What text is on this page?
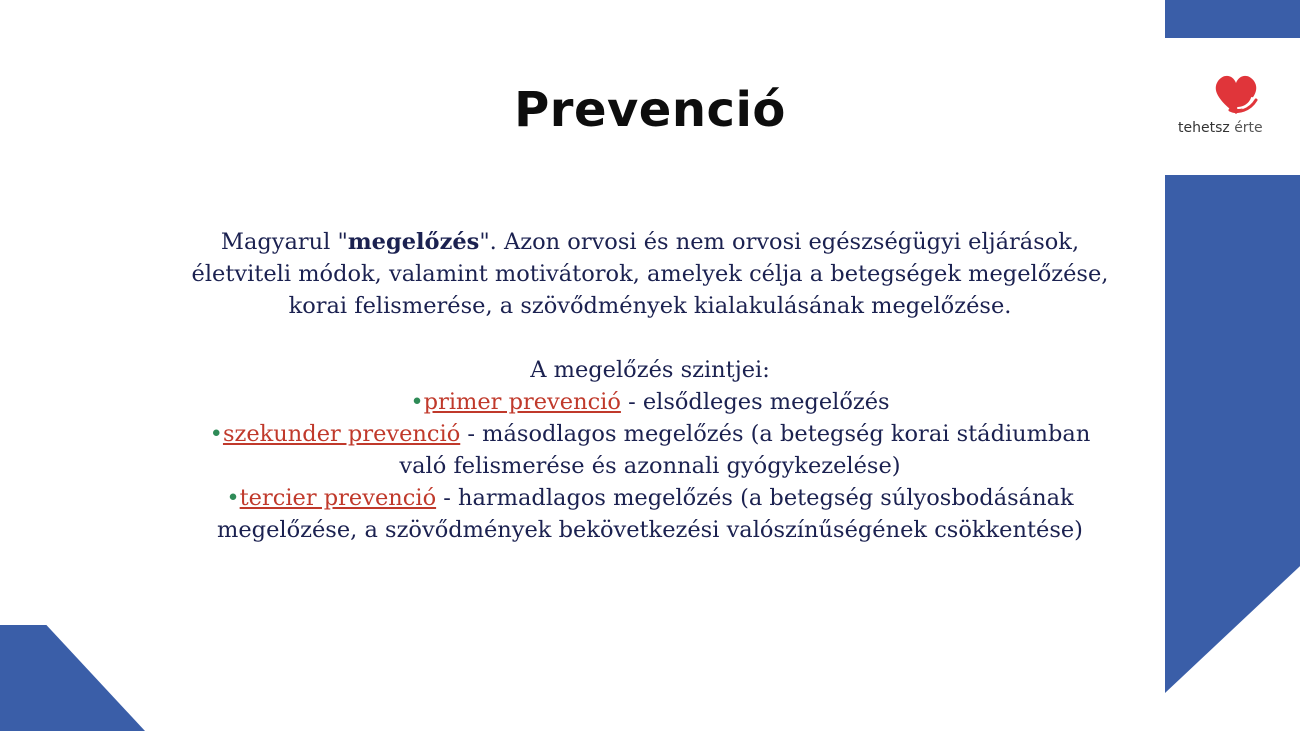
tehetsz érte
Prevenció

Magyarul "megelőzés". Azon orvosi és nem orvosi egészségügyi eljárások, életviteli módok, valamint motivátorok, amelyek célja a betegségek megelőzése, korai felismerése, a szövődmények kialakulásának megelőzése.

A megelőzés szintjei:

•primer prevenció - elsődleges megelőzés

•szekunder prevenció - másodlagos megelőzés (a betegség korai stádiumban való felismerése és azonnali gyógykezelése)

•tercier prevenció - harmadlagos megelőzés (a betegség súlyosbodásának megelőzése, a szövődmények bekövetkezési valószínűségének csökkentése)
